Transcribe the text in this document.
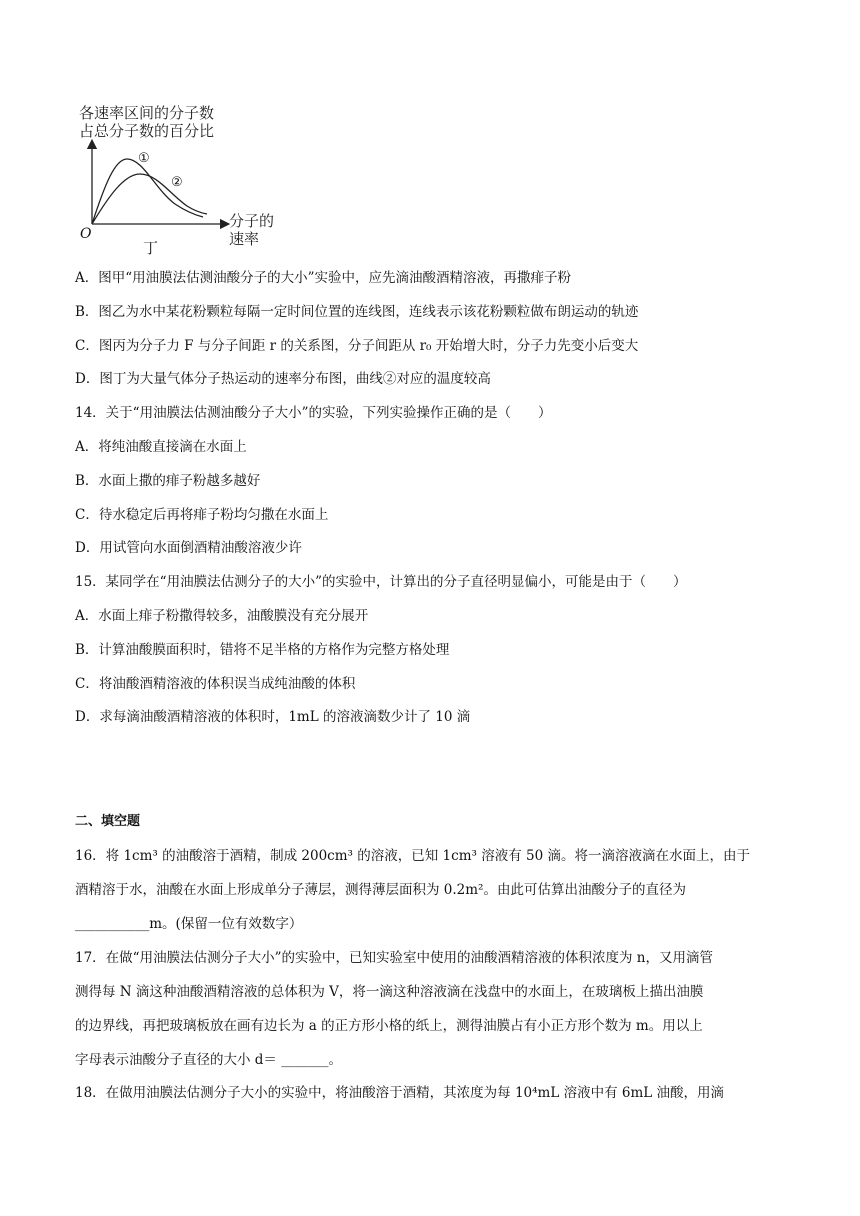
各速率区间的分子数
占总分子数的百分比
①
②
O
分子的
速率
丁
A．图甲“用油膜法估测油酸分子的大小”实验中，应先滴油酸酒精溶液，再撒痱子粉
B．图乙为水中某花粉颗粒每隔一定时间位置的连线图，连线表示该花粉颗粒做布朗运动的轨迹
C．图丙为分子力 F 与分子间距 r 的关系图，分子间距从 r₀ 开始增大时，分子力先变小后变大
D．图丁为大量气体分子热运动的速率分布图，曲线②对应的温度较高
14．关于“用油膜法估测油酸分子大小”的实验，下列实验操作正确的是（　　）
A．将纯油酸直接滴在水面上
B．水面上撒的痱子粉越多越好
C．待水稳定后再将痱子粉均匀撒在水面上
D．用试管向水面倒酒精油酸溶液少许
15．某同学在“用油膜法估测分子的大小”的实验中，计算出的分子直径明显偏小，可能是由于（　　）
A．水面上痱子粉撒得较多，油酸膜没有充分展开
B．计算油酸膜面积时，错将不足半格的方格作为完整方格处理
C．将油酸酒精溶液的体积误当成纯油酸的体积
D．求每滴油酸酒精溶液的体积时，1mL 的溶液滴数少计了 10 滴
二、填空题
16．将 1cm³ 的油酸溶于酒精，制成 200cm³ 的溶液，已知 1cm³ 溶液有 50 滴。将一滴溶液滴在水面上，由于
酒精溶于水，油酸在水面上形成单分子薄层，测得薄层面积为 0.2m²。由此可估算出油酸分子的直径为
___________m。(保留一位有效数字）
17．在做“用油膜法估测分子大小”的实验中，已知实验室中使用的油酸酒精溶液的体积浓度为 n，又用滴管
测得每 N 滴这种油酸酒精溶液的总体积为 V，将一滴这种溶液滴在浅盘中的水面上，在玻璃板上描出油膜
的边界线，再把玻璃板放在画有边长为 a 的正方形小格的纸上，测得油膜占有小正方形个数为 m。用以上
字母表示油酸分子直径的大小 d＝ _______。
18．在做用油膜法估测分子大小的实验中，将油酸溶于酒精，其浓度为每 10⁴mL 溶液中有 6mL 油酸，用滴
